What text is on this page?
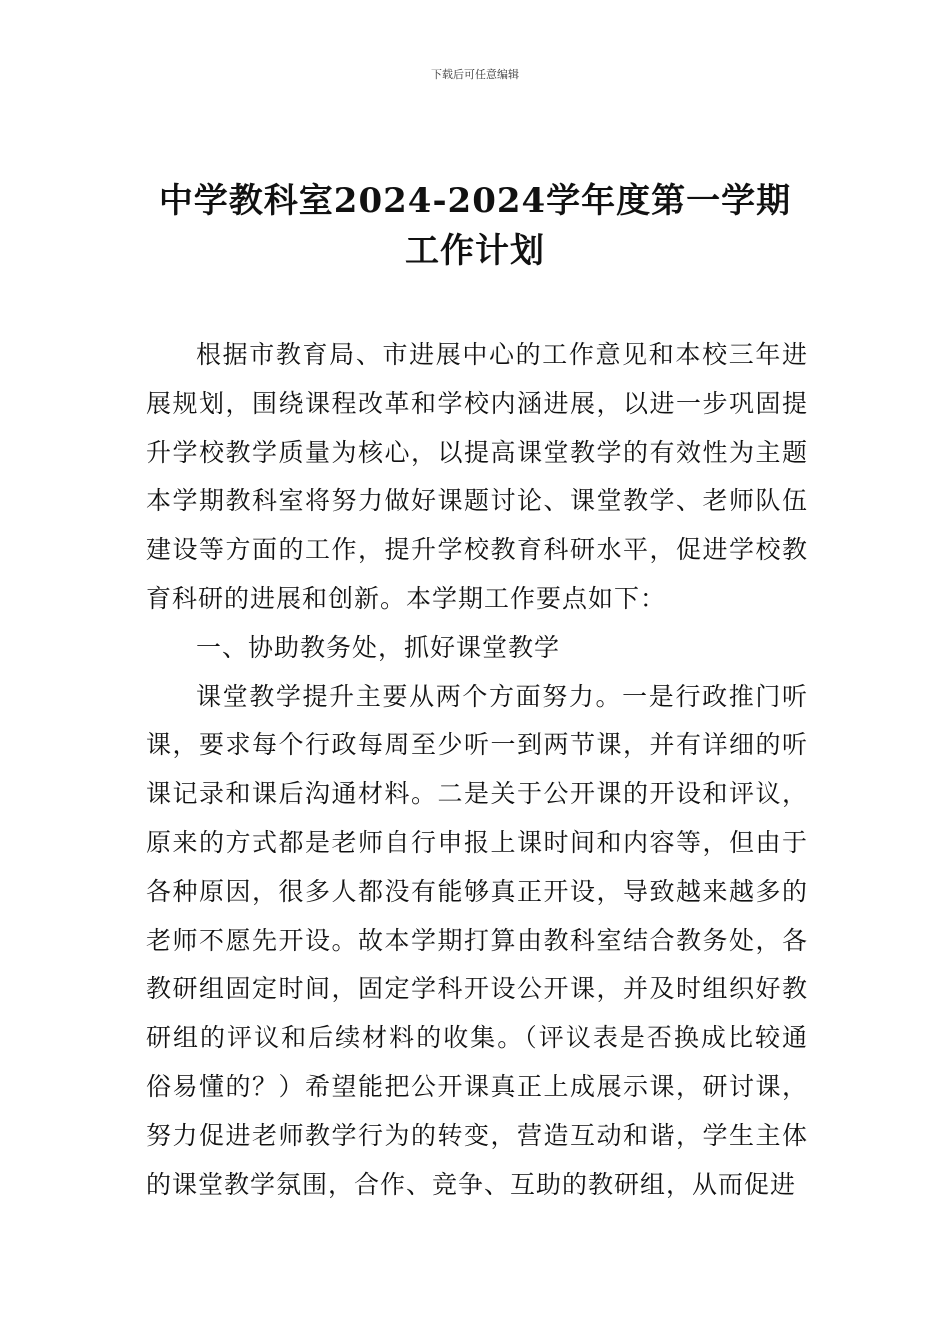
下载后可任意编辑
中学教科室2024-2024学年度第一学期
工作计划

根据市教育局、市进展中心的工作意见和本校三年进展规划，围绕课程改革和学校内涵进展，以进一步巩固提升学校教学质量为核心，以提高课堂教学的有效性为主题本学期教科室将努力做好课题讨论、课堂教学、老师队伍建设等方面的工作，提升学校教育科研水平，促进学校教育科研的进展和创新。本学期工作要点如下：

一、协助教务处，抓好课堂教学

课堂教学提升主要从两个方面努力。一是行政推门听课，要求每个行政每周至少听一到两节课，并有详细的听课记录和课后沟通材料。二是关于公开课的开设和评议，原来的方式都是老师自行申报上课时间和内容等，但由于各种原因，很多人都没有能够真正开设，导致越来越多的老师不愿先开设。故本学期打算由教科室结合教务处，各教研组固定时间，固定学科开设公开课，并及时组织好教研组的评议和后续材料的收集。（评议表是否换成比较通俗易懂的？）希望能把公开课真正上成展示课，研讨课，努力促进老师教学行为的转变，营造互动和谐，学生主体的课堂教学氛围，合作、竞争、互助的教研组，从而促进
